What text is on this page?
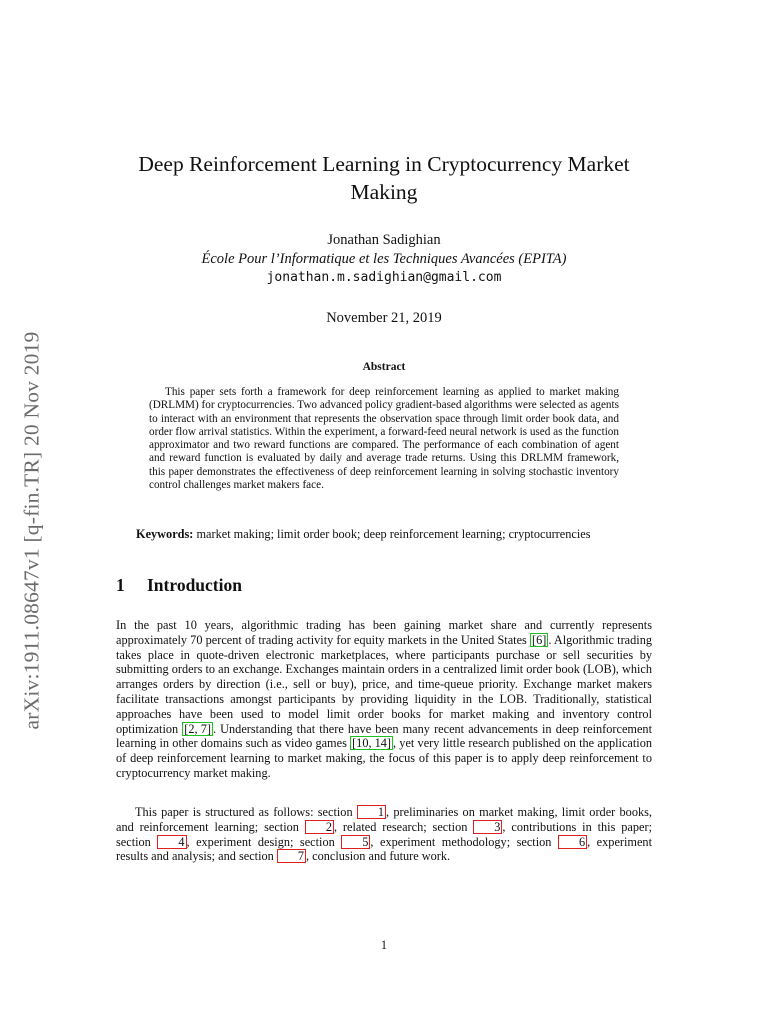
arXiv:1911.08647v1 [q-fin.TR] 20 Nov 2019
Deep Reinforcement Learning in Cryptocurrency Market Making
Jonathan Sadighian
École Pour l’Informatique et les Techniques Avancées (EPITA)
jonathan.m.sadighian@gmail.com
November 21, 2019
Abstract

This paper sets forth a framework for deep reinforcement learning as applied to market making (DRLMM) for cryptocurrencies. Two advanced policy gradient-based algorithms were selected as agents to interact with an environment that represents the observation space through limit order book data, and order flow arrival statistics. Within the experiment, a forward-feed neural network is used as the function approximator and two reward functions are compared. The performance of each combination of agent and reward function is evaluated by daily and average trade returns. Using this DRLMM framework, this paper demonstrates the effectiveness of deep reinforcement learning in solving stochastic inventory control challenges market makers face.

Keywords: market making; limit order book; deep reinforcement learning; cryptocurrencies
1 Introduction

In the past 10 years, algorithmic trading has been gaining market share and currently represents approximately 70 percent of trading activity for equity markets in the United States [6] . Algorithmic trading takes place in quote-driven electronic marketplaces, where participants purchase or sell securities by submitting orders to an exchange. Exchanges maintain orders in a centralized limit order book (LOB), which arranges orders by direction (i.e., sell or buy), price, and time-queue priority. Exchange market makers facilitate transactions amongst participants by providing liquidity in the LOB. Traditionally, statistical approaches have been used to model limit order books for market making and inventory control optimization [2, 7] . Understanding that there have been many recent advancements in deep reinforcement learning in other domains such as video games [10, 14] , yet very little research published on the application of deep reinforcement learning to market making, the focus of this paper is to apply deep reinforcement to cryptocurrency market making.

This paper is structured as follows: section 1 , preliminaries on market making, limit order books, and reinforcement learning; section 2 , related research; section 3 , contributions in this paper; section 4 , experiment design; section 5 , experiment methodology; section 6 , experiment results and analysis; and section 7 , conclusion and future work.

1
